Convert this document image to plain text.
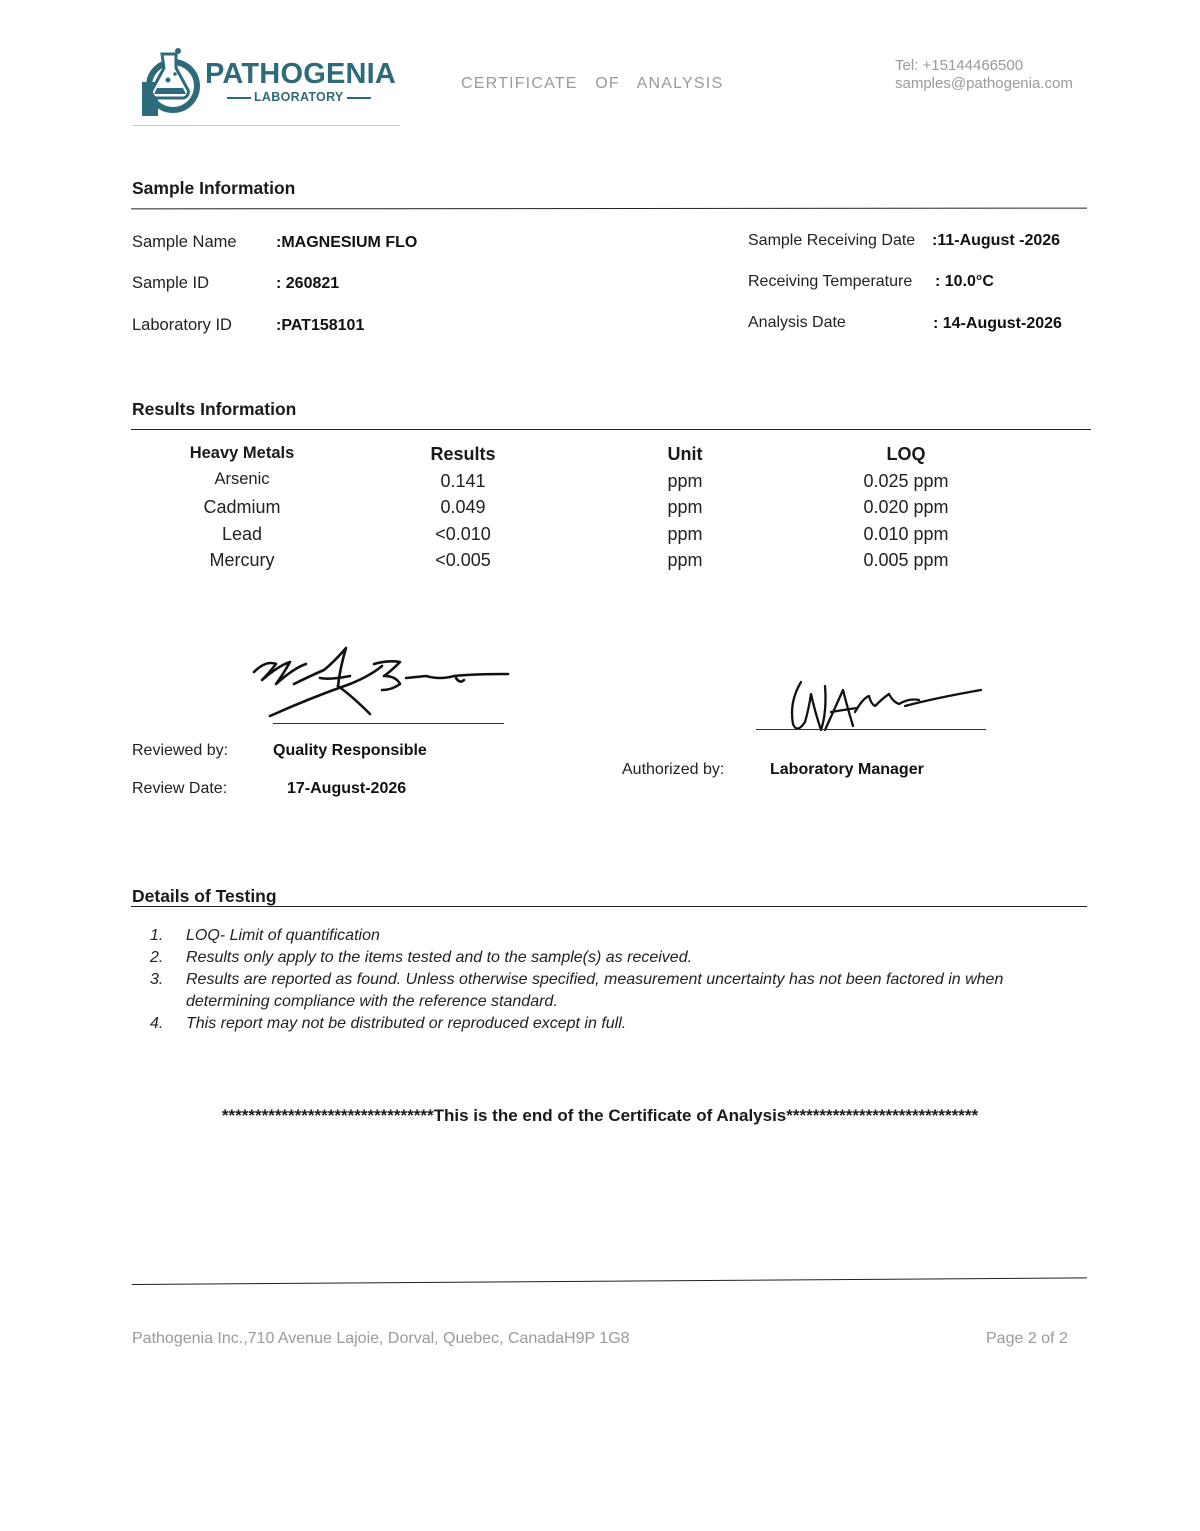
PATHOGENIA
LABORATORY
CERTIFICATE OF ANALYSIS
Tel: +15144466500
samples@pathogenia.com
Sample Information
Sample Name :MAGNESIUM FLO
Sample ID	: 260821
Laboratory ID	:PAT158101
Sample Receiving Date :11-August -2026
Receiving Temperature : 10.0°C
Analysis Date	: 14-August-2026
Results Information
Heavy Metals	Results	Unit	LOQ
Arsenic	0.141	ppm	0.025 ppm
Cadmium	0.049	ppm	0.020 ppm
Lead	<0.010	ppm	0.010 ppm
Mercury	<0.005	ppm	0.005 ppm
Reviewed by:	Quality Responsible
Review Date:	17-August-2026
Authorized by:	Laboratory Manager
Details of Testing
1. LOQ- Limit of quantification
2. Results only apply to the items tested and to the sample(s) as received.
3. Results are reported as found. Unless otherwise specified, measurement uncertainty has not been factored in when determining compliance with the reference standard.
4. This report may not be distributed or reproduced except in full.
********************************This is the end of the Certificate of Analysis*****************************
Pathogenia Inc.,710 Avenue Lajoie, Dorval, Quebec, CanadaH9P 1G8	Page 2 of 2
